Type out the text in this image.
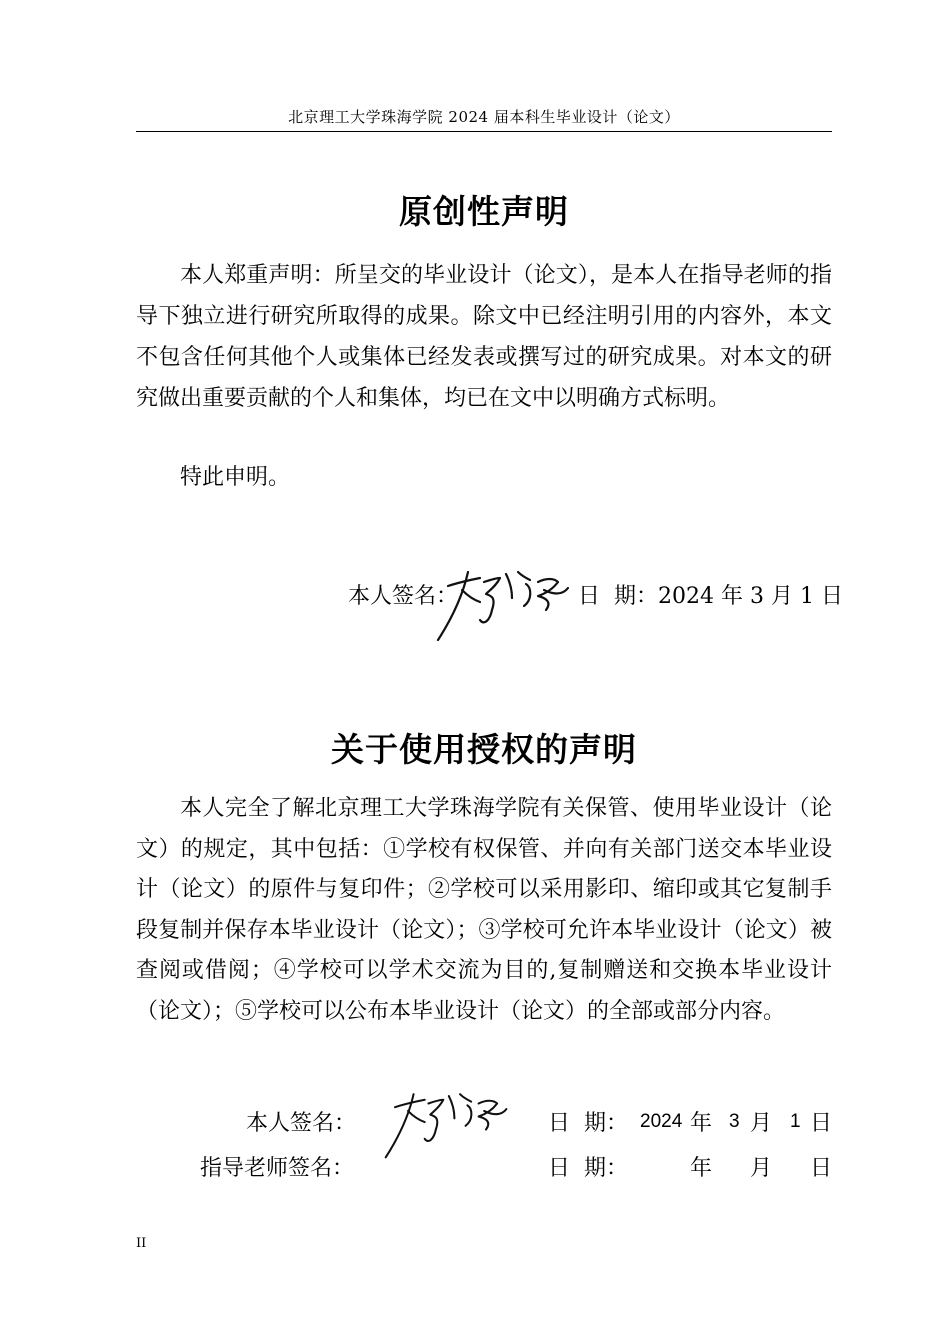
北京理工大学珠海学院 2024 届本科生毕业设计（论文）
原创性声明

本人郑重声明：所呈交的毕业设计（论文），是本人在指导老师的指导下独立进行研究所取得的成果。除文中已经注明引用的内容外，本文不包含任何其他个人或集体已经发表或撰写过的研究成果。对本文的研究做出重要贡献的个人和集体，均已在文中以明确方式标明。

特此申明。

本人签名：	日  期：2024 年 3 月 1 日
关于使用授权的声明

本人完全了解北京理工大学珠海学院有关保管、使用毕业设计（论文）的规定，其中包括：①学校有权保管、并向有关部门送交本毕业设计（论文）的原件与复印件；②学校可以采用影印、缩印或其它复制手段复制并保存本毕业设计（论文）；③学校可允许本毕业设计（论文）被查阅或借阅；④学校可以学术交流为目的,复制赠送和交换本毕业设计（论文）；⑤学校可以公布本毕业设计（论文）的全部或部分内容。

本人签名：	日  期： 2024 年 3 月 1 日
指导老师签名：	日  期：	年 月 日
II
